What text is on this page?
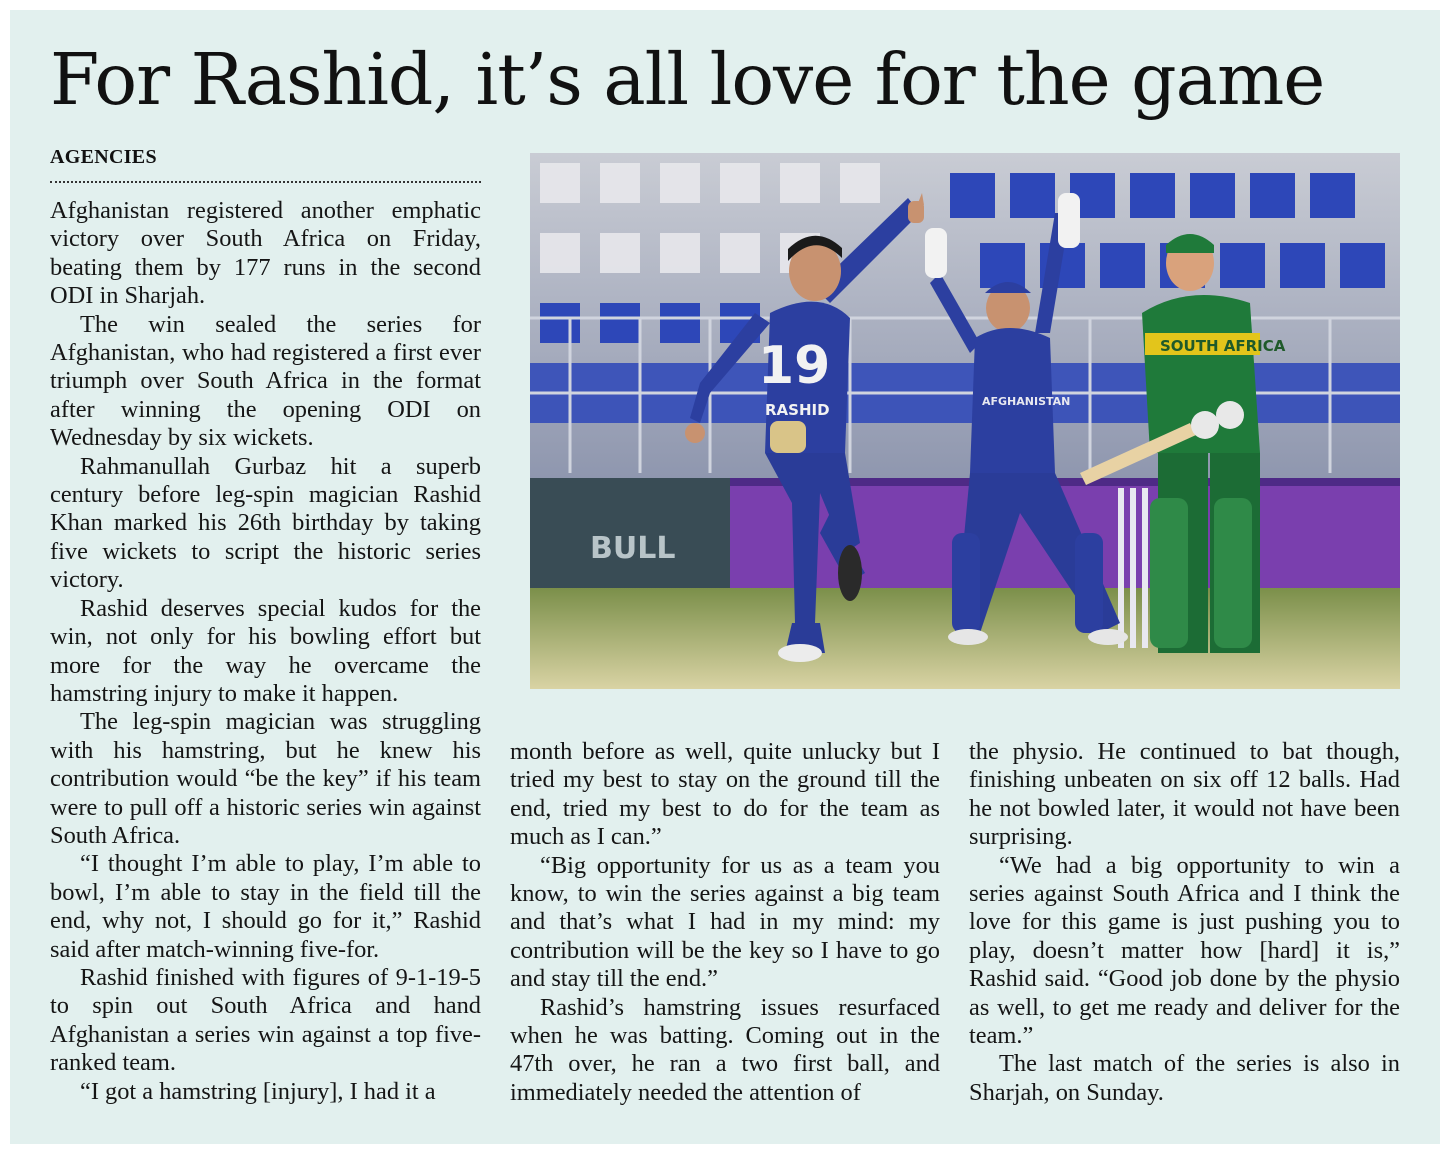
For Rashid, it’s all love for the game
AGENCIES
BULL
SOUTH AFRICA
AFGHANISTAN
19
RASHID

Afghanistan registered another emphatic victory over South Africa on Friday, beating them by 177 runs in the second ODI in Sharjah.

The win sealed the series for Afghanistan, who had registered a first ever triumph over South Africa in the format after winning the opening ODI on Wednesday by six wickets.

Rahmanullah Gurbaz hit a superb century before leg-spin magician Rashid Khan marked his 26th birthday by taking five wickets to script the historic series victory.

Rashid deserves special kudos for the win, not only for his bowling effort but more for the way he overcame the hamstring injury to make it happen.

The leg-spin magician was struggling with his hamstring, but he knew his contribution would “be the key” if his team were to pull off a historic series win against South Africa.

“I thought I’m able to play, I’m able to bowl, I’m able to stay in the field till the end, why not, I should go for it,” Rashid said after match-winning five-for.

Rashid finished with figures of 9-1-19-5 to spin out South Africa and hand Afghanistan a series win against a top five-ranked team.

“I got a hamstring [injury], I had it a

month before as well, quite unlucky but I tried my best to stay on the ground till the end, tried my best to do for the team as much as I can.”

“Big opportunity for us as a team you know, to win the series against a big team and that’s what I had in my mind: my contribution will be the key so I have to go and stay till the end.”

Rashid’s hamstring issues resurfaced when he was batting. Coming out in the 47th over, he ran a two first ball, and immediately needed the attention of

the physio. He continued to bat though, finishing unbeaten on six off 12 balls. Had he not bowled later, it would not have been surprising.

“We had a big opportunity to win a series against South Africa and I think the love for this game is just pushing you to play, doesn’t matter how [hard] it is,” Rashid said. “Good job done by the physio as well, to get me ready and deliver for the team.”

The last match of the series is also in Sharjah, on Sunday.
